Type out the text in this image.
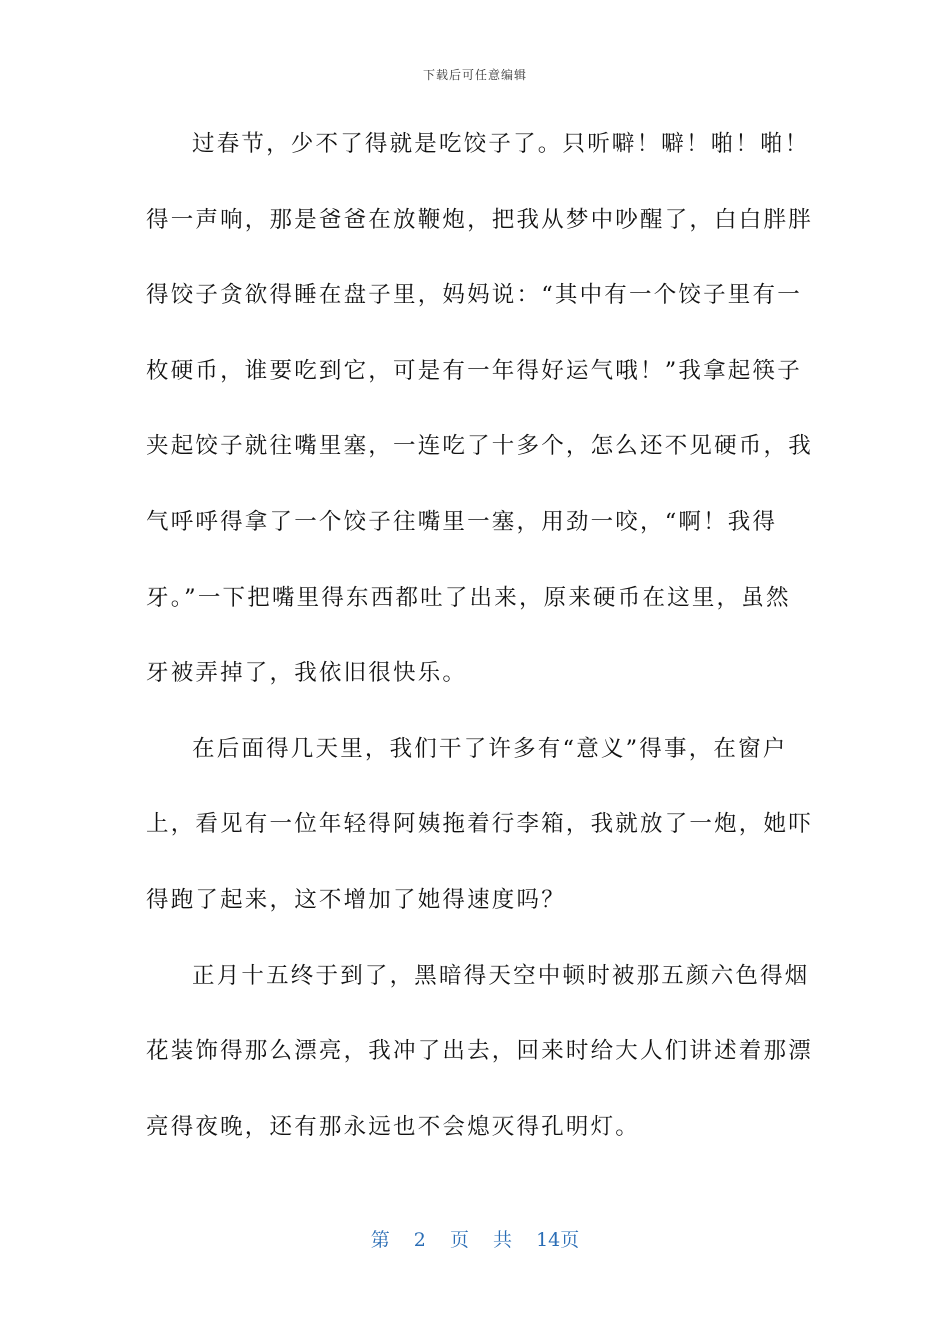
下载后可任意编辑
过春节，少不了得就是吃饺子了。只听噼！噼！啪！啪！
得一声响，那是爸爸在放鞭炮，把我从梦中吵醒了，白白胖胖
得饺子贪欲得睡在盘子里，妈妈说：“其中有一个饺子里有一
枚硬币，谁要吃到它，可是有一年得好运气哦！”我拿起筷子
夹起饺子就往嘴里塞，一连吃了十多个，怎么还不见硬币，我
气呼呼得拿了一个饺子往嘴里一塞，用劲一咬，“啊！我得
牙。”一下把嘴里得东西都吐了出来，原来硬币在这里，虽然
牙被弄掉了，我依旧很快乐。
在后面得几天里，我们干了许多有“意义”得事，在窗户
上，看见有一位年轻得阿姨拖着行李箱，我就放了一炮，她吓
得跑了起来，这不增加了她得速度吗？
正月十五终于到了，黑暗得天空中顿时被那五颜六色得烟
花装饰得那么漂亮，我冲了出去，回来时给大人们讲述着那漂
亮得夜晚，还有那永远也不会熄灭得孔明灯。
第 2 页 共 14页
